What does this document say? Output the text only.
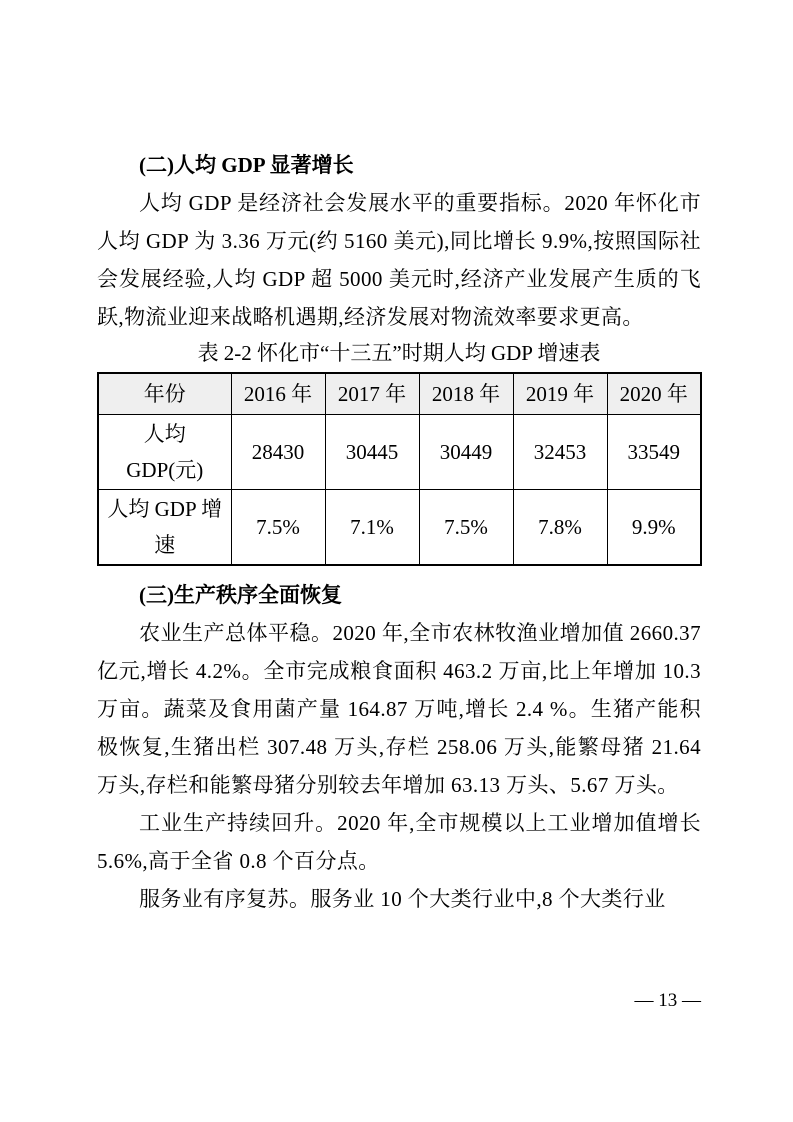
(二)人均 GDP 显著增长

人均 GDP 是经济社会发展水平的重要指标。2020 年怀化市人均 GDP 为 3.36 万元(约 5160 美元),同比增长 9.9%,按照国际社会发展经验,人均 GDP 超 5000 美元时,经济产业发展产生质的飞跃,物流业迎来战略机遇期,经济发展对物流效率要求更高。

表 2-2 怀化市“十三五”时期人均 GDP 增速表

年份	2016 年	2017 年	2018 年	2019 年	2020 年
人均 GDP(元)	28430	30445	30449	32453	33549
人均 GDP 增速	7.5%	7.1%	7.5%	7.8%	9.9%
(三)生产秩序全面恢复

农业生产总体平稳。2020 年,全市农林牧渔业增加值 2660.37 亿元,增长 4.2%。全市完成粮食面积 463.2 万亩,比上年增加 10.3 万亩。蔬菜及食用菌产量 164.87 万吨,增长 2.4 %。生猪产能积极恢复,生猪出栏 307.48 万头,存栏 258.06 万头,能繁母猪 21.64 万头,存栏和能繁母猪分别较去年增加 63.13 万头、5.67 万头。

工业生产持续回升。2020 年,全市规模以上工业增加值增长 5.6%,高于全省 0.8 个百分点。

服务业有序复苏。服务业 10 个大类行业中,8 个大类行业

— 13 —
